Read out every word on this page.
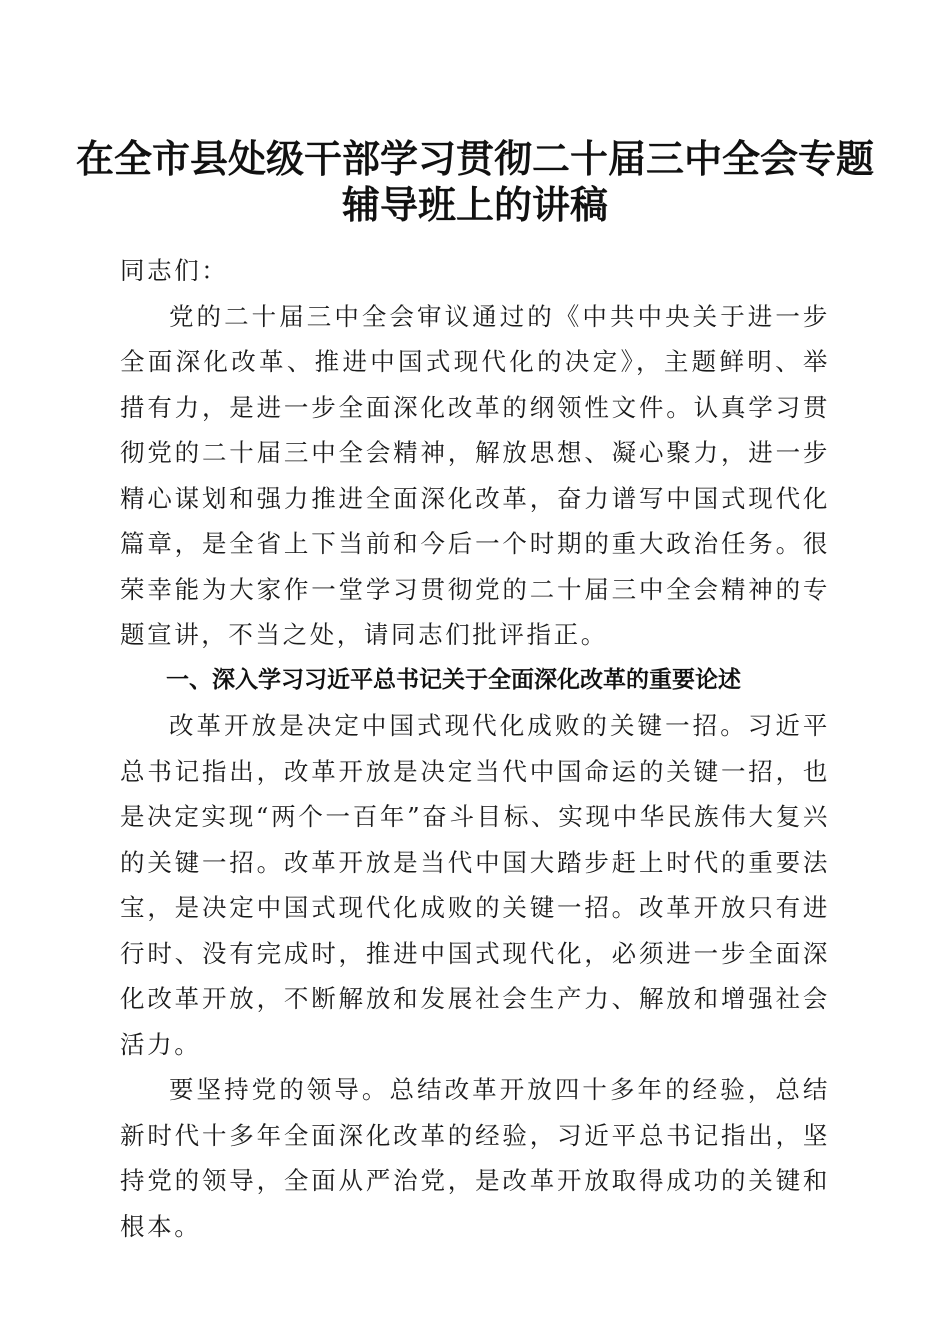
在全市县处级干部学习贯彻二十届三中全会专题辅导班上的讲稿

同志们：

党的二十届三中全会审议通过的《中共中央关于进一步全面深化改革、推进中国式现代化的决定》，主题鲜明、举措有力，是进一步全面深化改革的纲领性文件。认真学习贯彻党的二十届三中全会精神，解放思想、凝心聚力，进一步精心谋划和强力推进全面深化改革，奋力谱写中国式现代化篇章，是全省上下当前和今后一个时期的重大政治任务。很荣幸能为大家作一堂学习贯彻党的二十届三中全会精神的专题宣讲，不当之处，请同志们批评指正。

一、深入学习习近平总书记关于全面深化改革的重要论述

改革开放是决定中国式现代化成败的关键一招。习近平总书记指出，改革开放是决定当代中国命运的关键一招，也是决定实现“两个一百年”奋斗目标、实现中华民族伟大复兴的关键一招。改革开放是当代中国大踏步赶上时代的重要法宝，是决定中国式现代化成败的关键一招。改革开放只有进行时、没有完成时，推进中国式现代化，必须进一步全面深化改革开放，不断解放和发展社会生产力、解放和增强社会活力。

要坚持党的领导。总结改革开放四十多年的经验，总结新时代十多年全面深化改革的经验，习近平总书记指出，坚持党的领导，全面从严治党，是改革开放取得成功的关键和根本。
